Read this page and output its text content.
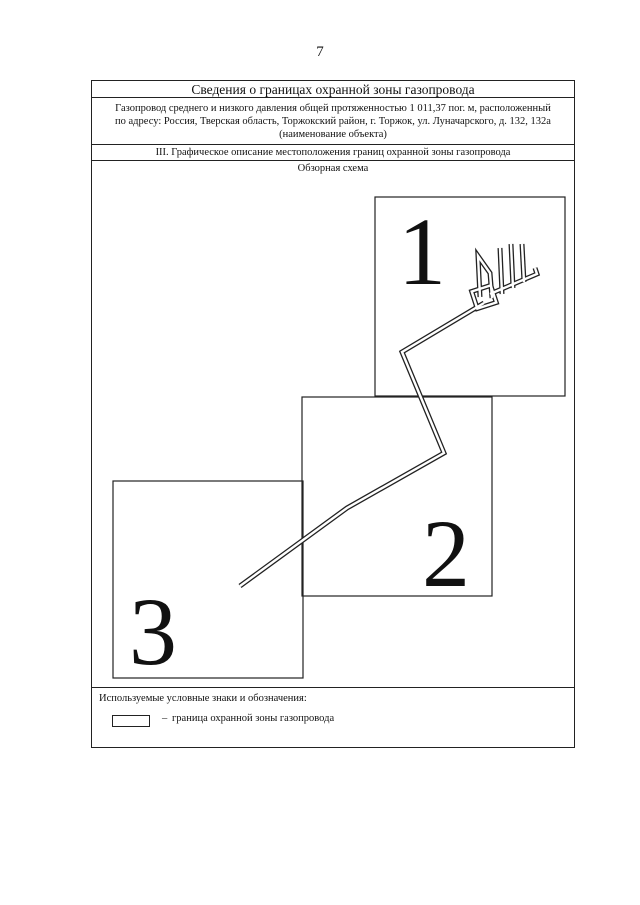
7
Сведения о границах охранной зоны газопровода
Газопровод среднего и низкого давления общей протяженностью 1 011,37 пог. м, расположенный
по адресу: Россия, Тверская область, Торжокский район, г. Торжок, ул. Луначарского, д. 132, 132а
(наименование объекта)
III. Графическое описание местоположения границ охранной зоны газопровода
Обзорная схема
1
2
3
Используемые условные знаки и обозначения:
– граница охранной зоны газопровода
